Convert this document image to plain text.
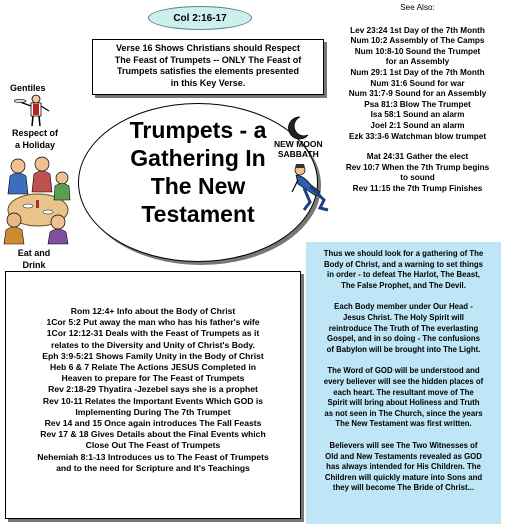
Col 2:16-17
Verse 16 Shows Christians should Respect
The Feast of Trumpets -- ONLY The Feast of
Trumpets satisfies the elements presented
in this Key Verse.
See Also:
Lev 23:24 1st Day of the 7th Month
Num 10:2 Assembly of The Camps
Num 10:8-10 Sound the Trumpet
for an Assembly
Num 29:1 1st Day of the 7th Month
Num 31:6 Sound for war
Num 31:7-9 Sound for an Assembly
Psa 81:3 Blow The Trumpet
Isa 58:1 Sound an alarm
Joel 2:1 Sound an alarm
Ezk 33:3-6 Watchman blow trumpet
Mat 24:31 Gather the elect
Rev 10:7 When the 7th Trump begins
to sound
Rev 11:15 the 7th Trump Finishes
Gentiles
Respect of
a Holiday
Eat and
Drink
Trumpets - a
Gathering In
The New
Testament
NEW MOON
SABBATH
Rom 12:4+ Info about the Body of Christ
1Cor 5:2 Put away the man who has his father's wife
1Cor 12:12-31 Deals with the Feast of Trumpets as it
relates to the Diversity and Unity of Christ's Body.
Eph 3:9-5:21 Shows Family Unity in the Body of Christ
Heb 6 & 7 Relate The Actions JESUS Completed in
Heaven to prepare for The Feast of Trumpets
Rev 2:18-29 Thyatira -Jezebel says she is a prophet
Rev 10-11 Relates the Important Events Which GOD is
Implementing During The 7th Trumpet
Rev 14 and 15 Once again introduces The Fall Feasts
Rev 17 & 18 Gives Details about the Final Events which
Close Out The Feast of Trumpets
Nehemiah 8:1-13 Introduces us to The Feast of Trumpets
and to the need for Scripture and It's Teachings
Thus we should look for a gathering of The
Body of Christ, and a warning to set things
in order - to defeat The Harlot, The Beast,
The False Prophet, and The Devil.
Each Body member under Our Head -
Jesus Christ. The Holy Spirit will
reintroduce The Truth of The everlasting
Gospel, and in so doing - The confusions
of Babylon will be brought into The Light.
The Word of GOD will be understood and
every believer will see the hidden places of
each heart. The resultant move of The
Spirit will bring about Holiness and Truth
as not seen in The Church, since the years
The New Testament was first written.
Believers will see The Two Witnesses of
Old and New Testaments revealed as GOD
has always intended for His Children. The
Children will quickly mature into Sons and
they will become The Bride of Christ...
